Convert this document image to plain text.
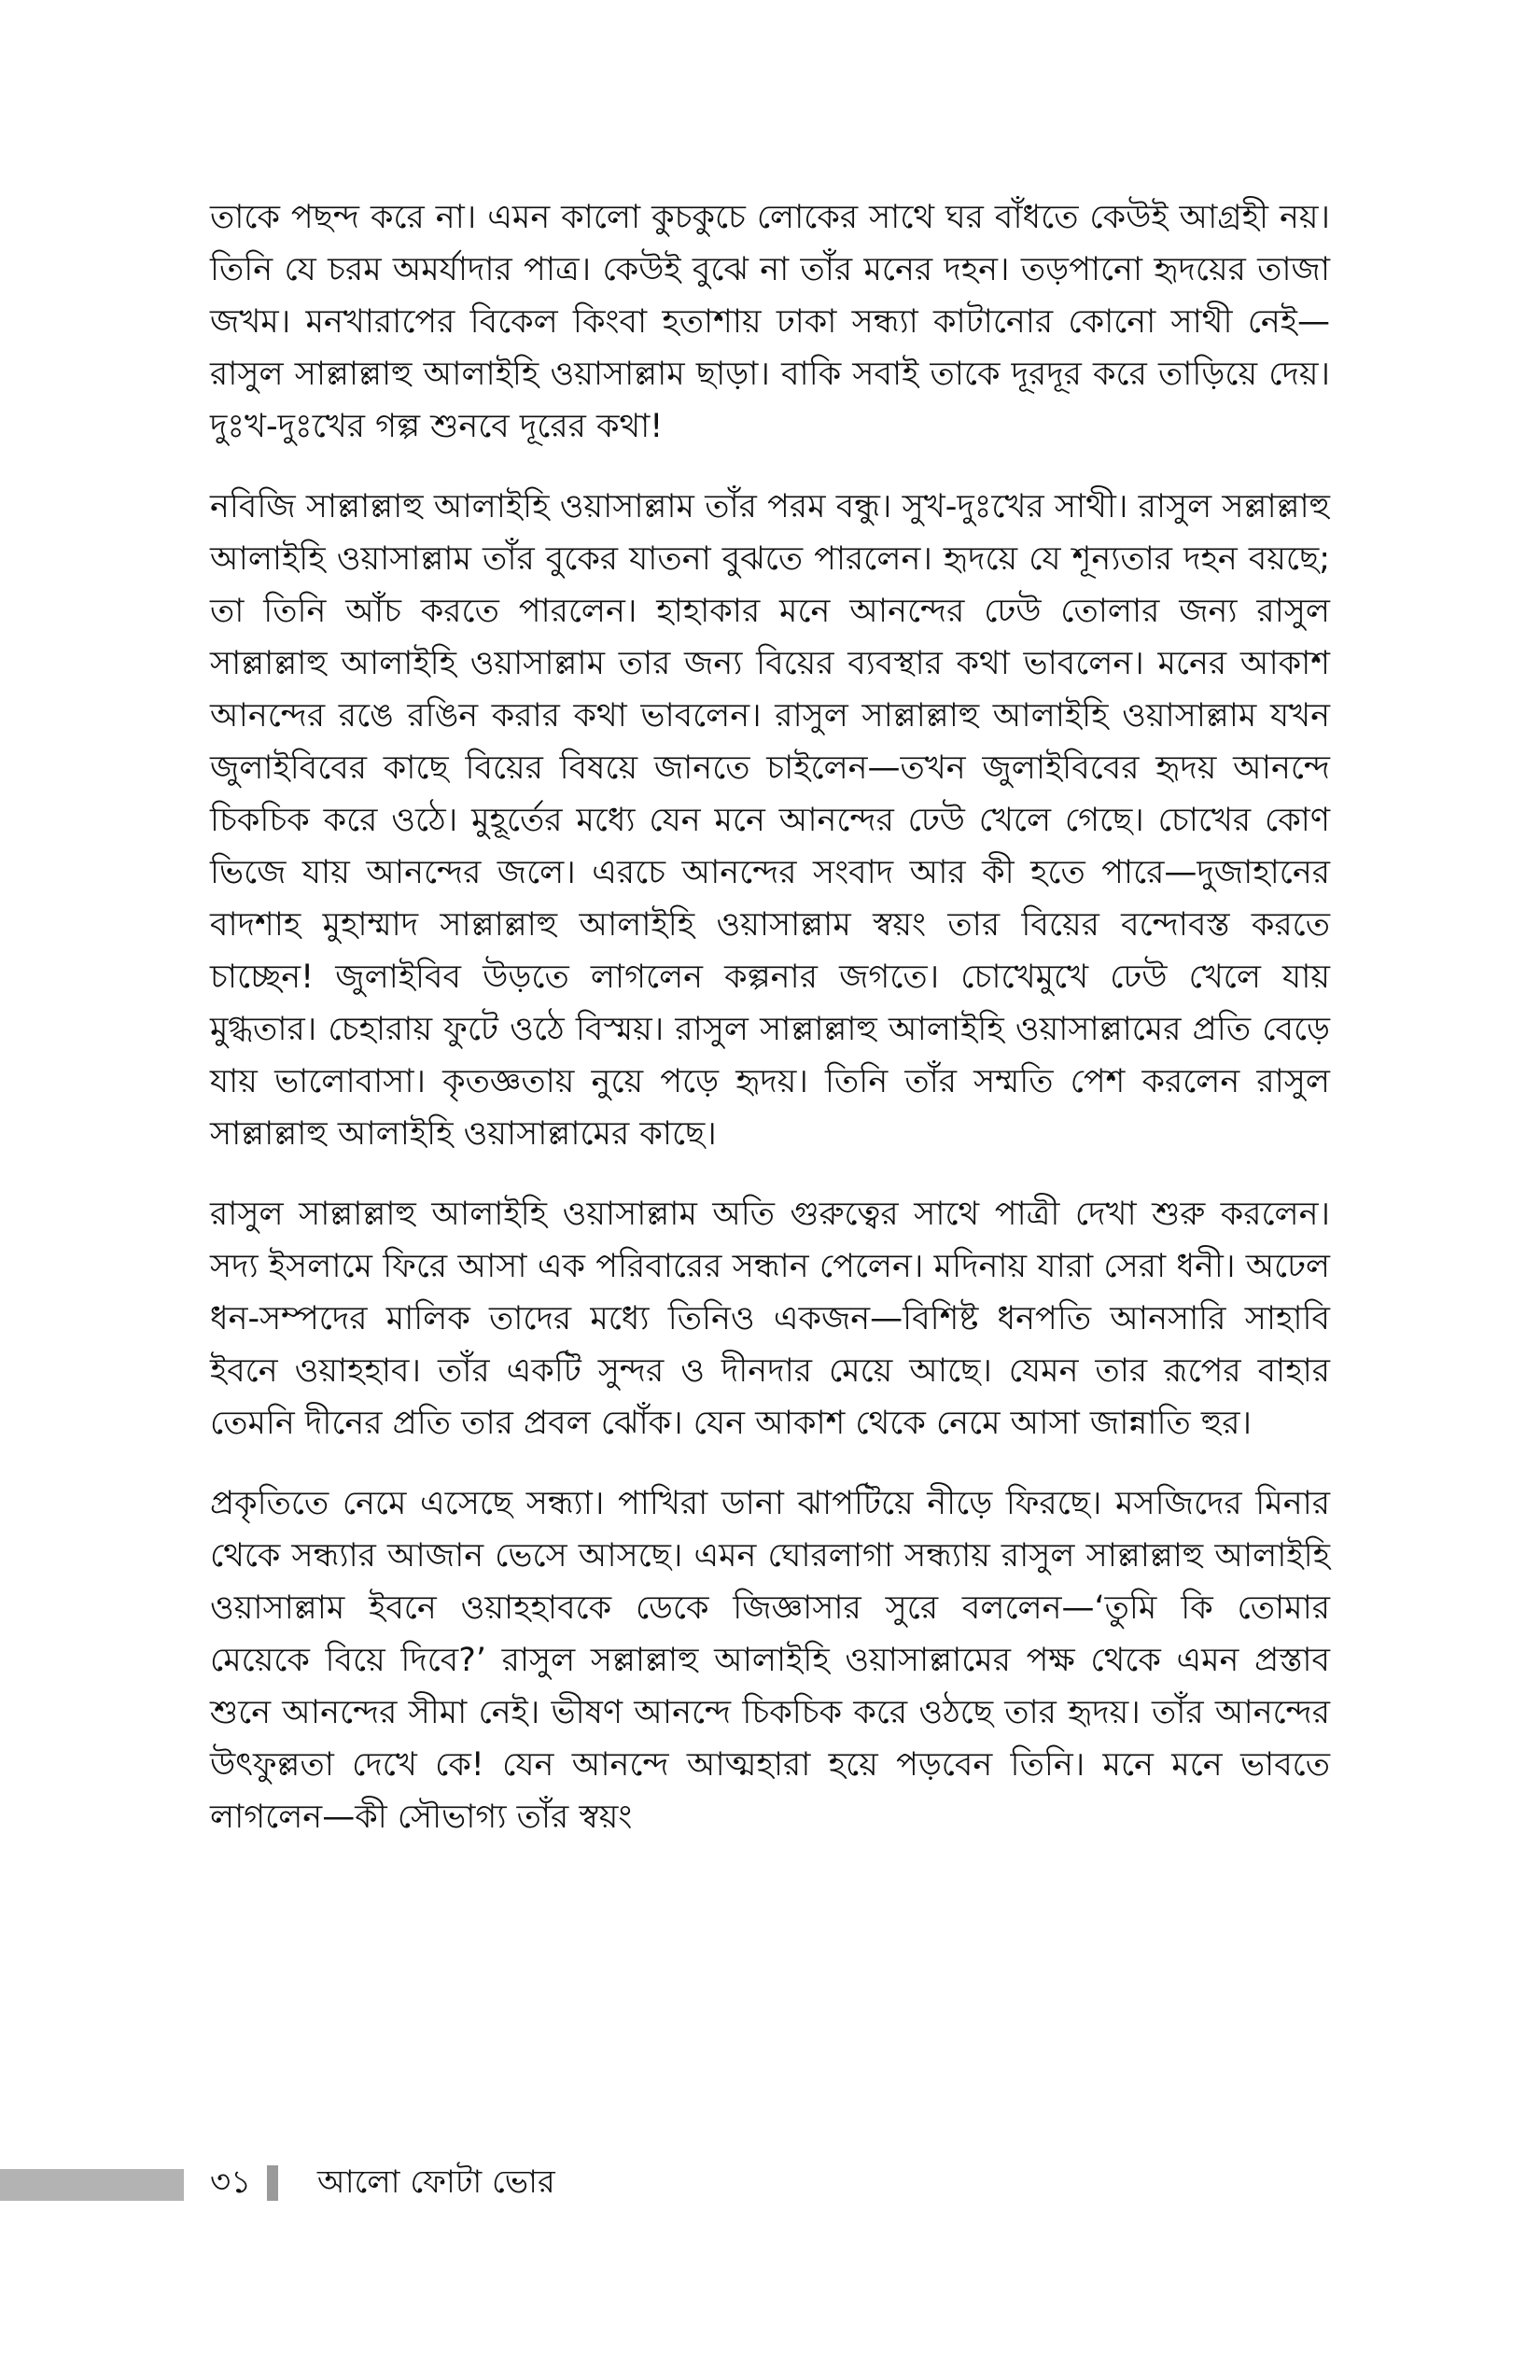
তাকে পছন্দ করে না। এমন কালো কুচকুচে লোকের সাথে ঘর বাঁধতে কেউই আগ্রহী নয়। তিনি যে চরম অমর্যাদার পাত্র। কেউই বুঝে না তাঁর মনের দহন। তড়পানো হৃদয়ের তাজা জখম। মনখারাপের বিকেল কিংবা হতাশায় ঢাকা সন্ধ্যা কাটানোর কোনো সাথী নেই—রাসুল সাল্লাল্লাহু আলাইহি ওয়াসাল্লাম ছাড়া। বাকি সবাই তাকে দূরদূর করে তাড়িয়ে দেয়। দুঃখ-দুঃখের গল্প শুনবে দূরের কথা!

নবিজি সাল্লাল্লাহু আলাইহি ওয়াসাল্লাম তাঁর পরম বন্ধু। সুখ-দুঃখের সাথী। রাসুল সল্লাল্লাহু আলাইহি ওয়াসাল্লাম তাঁর বুকের যাতনা বুঝতে পারলেন। হৃদয়ে যে শূন্যতার দহন বয়ছে; তা তিনি আঁচ করতে পারলেন। হাহাকার মনে আনন্দের ঢেউ তোলার জন্য রাসুল সাল্লাল্লাহু আলাইহি ওয়াসাল্লাম তার জন্য বিয়ের ব্যবস্থার কথা ভাবলেন। মনের আকাশ আনন্দের রঙে রঙিন করার কথা ভাবলেন। রাসুল সাল্লাল্লাহু আলাইহি ওয়াসাল্লাম যখন জুলাইবিবের কাছে বিয়ের বিষয়ে জানতে চাইলেন—তখন জুলাইবিবের হৃদয় আনন্দে চিকচিক করে ওঠে। মুহূর্তের মধ্যে যেন মনে আনন্দের ঢেউ খেলে গেছে। চোখের কোণ ভিজে যায় আনন্দের জলে। এরচে আনন্দের সংবাদ আর কী হতে পারে—দুজাহানের বাদশাহ মুহাম্মাদ সাল্লাল্লাহু আলাইহি ওয়াসাল্লাম স্বয়ং তার বিয়ের বন্দোবস্ত করতে চাচ্ছেন! জুলাইবিব উড়তে লাগলেন কল্পনার জগতে। চোখেমুখে ঢেউ খেলে যায় মুগ্ধতার। চেহারায় ফুটে ওঠে বিস্ময়। রাসুল সাল্লাল্লাহু আলাইহি ওয়াসাল্লামের প্রতি বেড়ে যায় ভালোবাসা। কৃতজ্ঞতায় নুয়ে পড়ে হৃদয়। তিনি তাঁর সম্মতি পেশ করলেন রাসুল সাল্লাল্লাহু আলাইহি ওয়াসাল্লামের কাছে।

রাসুল সাল্লাল্লাহু আলাইহি ওয়াসাল্লাম অতি গুরুত্বের সাথে পাত্রী দেখা শুরু করলেন। সদ্য ইসলামে ফিরে আসা এক পরিবারের সন্ধান পেলেন। মদিনায় যারা সেরা ধনী। অঢেল ধন-সম্পদের মালিক তাদের মধ্যে তিনিও একজন—বিশিষ্ট ধনপতি আনসারি সাহাবি ইবনে ওয়াহহাব। তাঁর একটি সুন্দর ও দীনদার মেয়ে আছে। যেমন তার রূপের বাহার তেমনি দীনের প্রতি তার প্রবল ঝোঁক। যেন আকাশ থেকে নেমে আসা জান্নাতি হুর।

প্রকৃতিতে নেমে এসেছে সন্ধ্যা। পাখিরা ডানা ঝাপটিয়ে নীড়ে ফিরছে। মসজিদের মিনার থেকে সন্ধ্যার আজান ভেসে আসছে। এমন ঘোরলাগা সন্ধ্যায় রাসুল সাল্লাল্লাহু আলাইহি ওয়াসাল্লাম ইবনে ওয়াহহাবকে ডেকে জিজ্ঞাসার সুরে বললেন—‘তুমি কি তোমার মেয়েকে বিয়ে দিবে?’ রাসুল সল্লাল্লাহু আলাইহি ওয়াসাল্লামের পক্ষ থেকে এমন প্রস্তাব শুনে আনন্দের সীমা নেই। ভীষণ আনন্দে চিকচিক করে ওঠছে তার হৃদয়। তাঁর আনন্দের উৎফুল্লতা দেখে কে! যেন আনন্দে আত্মহারা হয়ে পড়বেন তিনি। মনে মনে ভাবতে লাগলেন—কী সৌভাগ্য তাঁর স্বয়ং

৩১ আলো ফোটা ভোর
